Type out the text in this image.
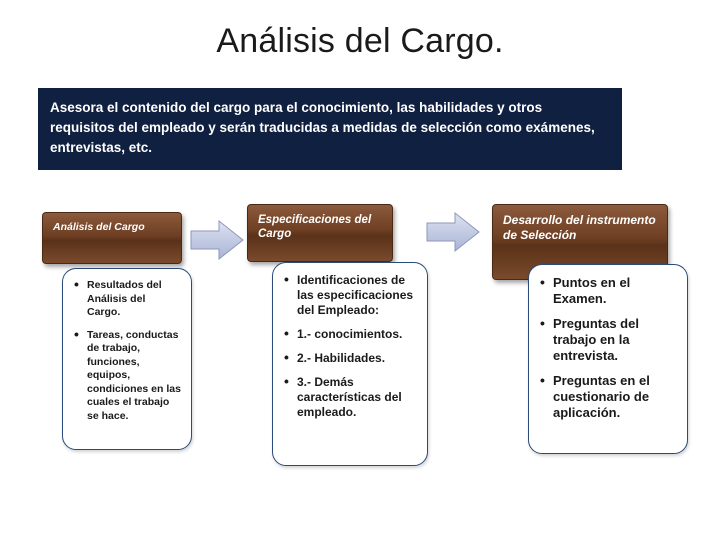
Análisis del Cargo.
Asesora el contenido del cargo para el conocimiento, las habilidades y otros requisitos del empleado y serán traducidas a medidas de selección como exámenes, entrevistas, etc.
Análisis del Cargo
• Resultados del Análisis del Cargo.
• Tareas, conductas de trabajo, funciones, equipos, condiciones en las cuales el trabajo se hace.
Especificaciones del Cargo
• Identificaciones de las especificaciones del Empleado:
• 1.- conocimientos.
• 2.- Habilidades.
• 3.- Demás características del empleado.
Desarrollo del instrumento de Selección
• Puntos en el Examen.
• Preguntas del trabajo en la entrevista.
• Preguntas en el cuestionario de aplicación.
